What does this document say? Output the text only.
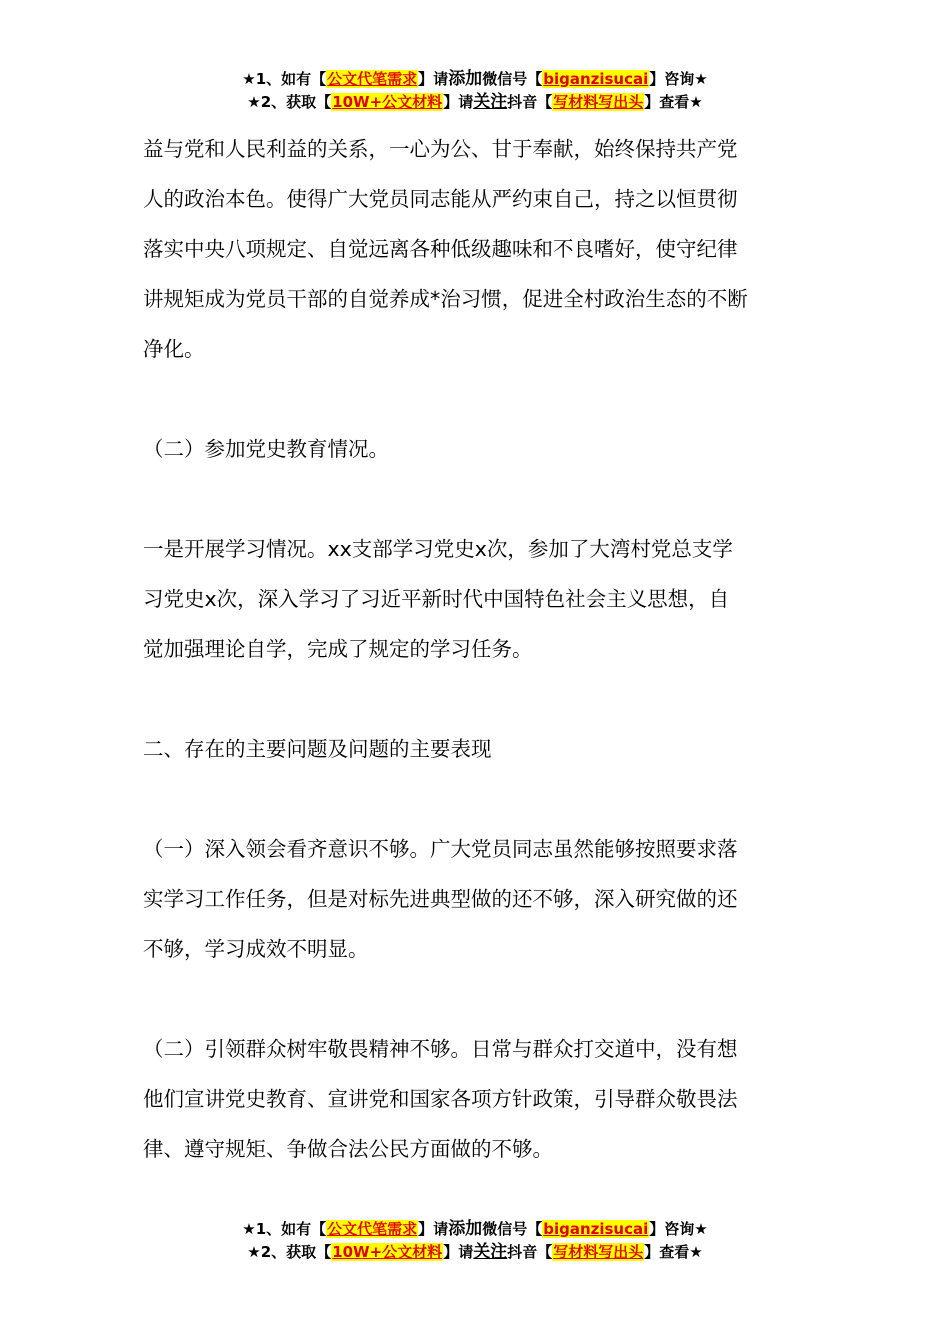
★1、如有【公文代笔需求】请添加微信号【biganzisucai】咨询★
★2、获取【10W+公文材料】请关注抖音【写材料写出头】查看★

益与党和人民利益的关系，一心为公、甘于奉献，始终保持共产党

人的政治本色。使得广大党员同志能从严约束自己，持之以恒贯彻

落实中央八项规定、自觉远离各种低级趣味和不良嗜好，使守纪律

讲规矩成为党员干部的自觉养成*治习惯，促进全村政治生态的不断

净化。

（二）参加党史教育情况。

一是开展学习情况。xx支部学习党史x次，参加了大湾村党总支学

习党史x次，深入学习了习近平新时代中国特色社会主义思想，自

觉加强理论自学，完成了规定的学习任务。

二、存在的主要问题及问题的主要表现

（一）深入领会看齐意识不够。广大党员同志虽然能够按照要求落

实学习工作任务，但是对标先进典型做的还不够，深入研究做的还

不够，学习成效不明显。

（二）引领群众树牢敬畏精神不够。日常与群众打交道中，没有想

他们宣讲党史教育、宣讲党和国家各项方针政策，引导群众敬畏法

律、遵守规矩、争做合法公民方面做的不够。

★1、如有【公文代笔需求】请添加微信号【biganzisucai】咨询★
★2、获取【10W+公文材料】请关注抖音【写材料写出头】查看★
